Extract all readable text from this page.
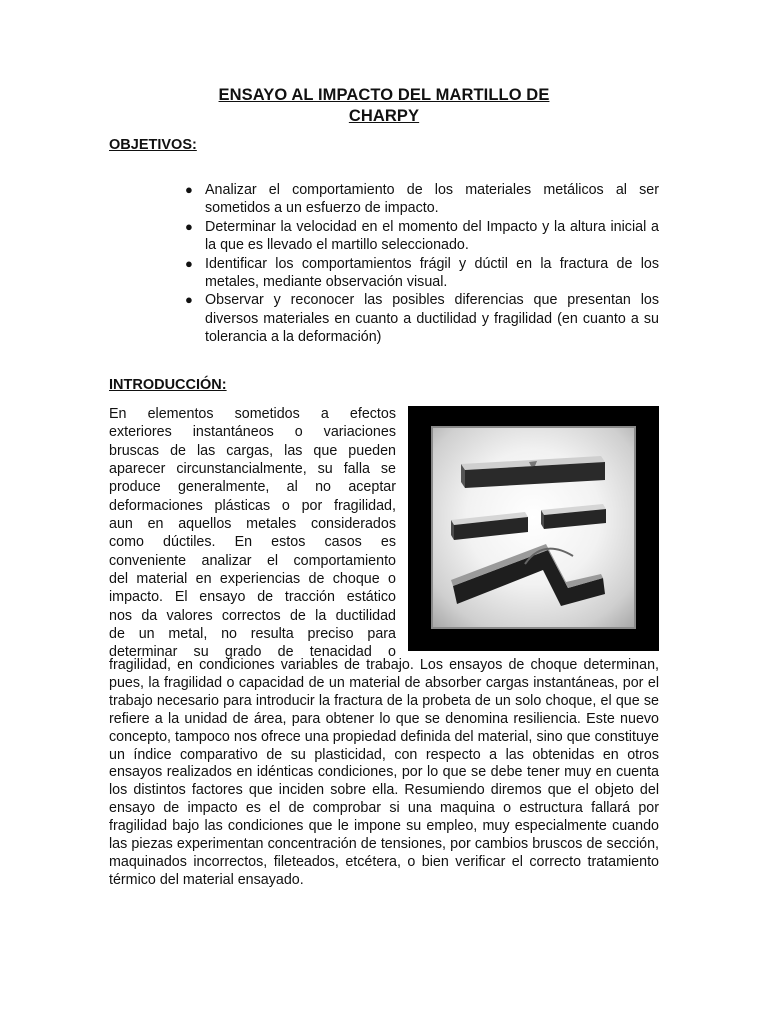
ENSAYO AL IMPACTO DEL MARTILLO DE
CHARPY
OBJETIVOS:
● Analizar el comportamiento de los materiales metálicos al ser sometidos a un esfuerzo de impacto.
● Determinar la velocidad en el momento del Impacto y la altura inicial a la que es llevado el martillo seleccionado.
● Identificar los comportamientos frágil y dúctil en la fractura de los metales, mediante observación visual.
● Observar y reconocer las posibles diferencias que presentan los diversos materiales en cuanto a ductilidad y fragilidad (en cuanto a su tolerancia a la deformación)
INTRODUCCIÓN:
En elementos sometidos a efectos
exteriores instantáneos o variaciones
bruscas de las cargas, las que pueden
aparecer circunstancialmente, su falla se
produce generalmente, al no aceptar
deformaciones plásticas o por fragilidad,
aun en aquellos metales considerados
como dúctiles. En estos casos es
conveniente analizar el comportamiento
del material en experiencias de choque o
impacto. El ensayo de tracción estático
nos da valores correctos de la ductilidad
de un metal, no resulta preciso para
determinar su grado de tenacidad o
fragilidad, en condiciones variables de trabajo. Los ensayos de choque determinan, pues, la fragilidad o capacidad de un material de absorber cargas instantáneas, por el trabajo necesario para introducir la fractura de la probeta de un solo choque, el que se refiere a la unidad de área, para obtener lo que se denomina resiliencia. Este nuevo concepto, tampoco nos ofrece una propiedad definida del material, sino que constituye un índice comparativo de su plasticidad, con respecto a las obtenidas en otros ensayos realizados en idénticas condiciones, por lo que se debe tener muy en cuenta los distintos factores que inciden sobre ella. Resumiendo diremos que el objeto del ensayo de impacto es el de comprobar si una maquina o estructura fallará por fragilidad bajo las condiciones que le impone su empleo, muy especialmente cuando las piezas experimentan concentración de tensiones, por cambios bruscos de sección, maquinados incorrectos, fileteados, etcétera, o bien verificar el correcto tratamiento térmico del material ensayado.
